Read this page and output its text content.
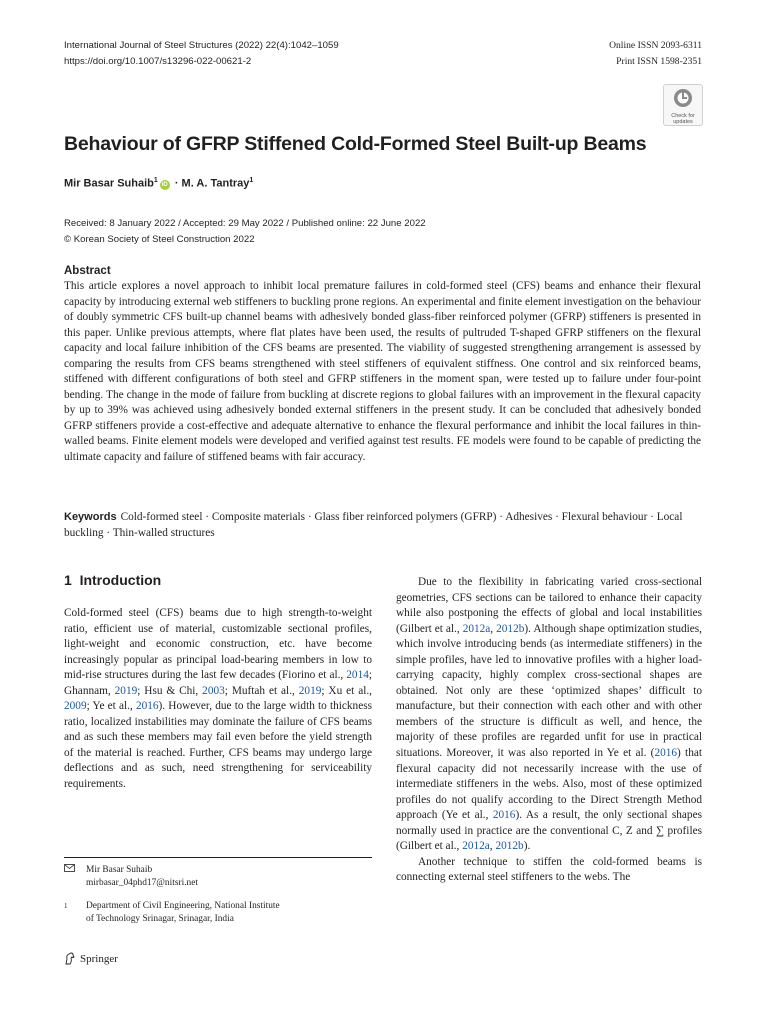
International Journal of Steel Structures (2022) 22(4):1042–1059
https://doi.org/10.1007/s13296-022-00621-2
Online ISSN 2093-6311
Print ISSN 1598-2351
Check for
updates
Behaviour of GFRP Stiffened Cold-Formed Steel Built-up Beams
Mir Basar Suhaib$^1$iD · M. A. Tantray$^1$
Received: 8 January 2022 / Accepted: 29 May 2022 / Published online: 22 June 2022
© Korean Society of Steel Construction 2022
Abstract
This article explores a novel approach to inhibit local premature failures in cold-formed steel (CFS) beams and enhance their flexural capacity by introducing external web stiffeners to buckling prone regions. An experimental and finite element investigation on the behaviour of doubly symmetric CFS built-up channel beams with adhesively bonded glass-fiber reinforced polymer (GFRP) stiffeners is presented in this paper. Unlike previous attempts, where flat plates have been used, the results of pultruded T-shaped GFRP stiffeners on the flexural capacity and local failure inhibition of the CFS beams are presented. The viability of suggested strengthening arrangement is assessed by comparing the results from CFS beams strengthened with steel stiffeners of equivalent stiffness. One control and six reinforced beams, stiffened with different configurations of both steel and GFRP stiffeners in the moment span, were tested up to failure under four-point bending. The change in the mode of failure from buckling at discrete regions to global failures with an improvement in the flexural capacity by up to 39% was achieved using adhesively bonded external stiffeners in the present study. It can be concluded that adhesively bonded GFRP stiffeners provide a cost-effective and adequate alternative to enhance the flexural performance and inhibit the local failures in thin-walled beams. Finite element models were developed and verified against test results. FE models were found to be capable of predicting the ultimate capacity and failure of stiffened beams with fair accuracy.
Keywords Cold-formed steel · Composite materials · Glass fiber reinforced polymers (GFRP) · Adhesives · Flexural behaviour · Local buckling · Thin-walled structures
1 Introduction

Cold-formed steel (CFS) beams due to high strength-to-weight ratio, efficient use of material, customizable sectional profiles, light-weight and economic construction, etc. have become increasingly popular as principal load-bearing members in low to mid-rise structures during the last few decades (Fiorino et al., 2014; Ghannam, 2019; Hsu & Chi, 2003; Muftah et al., 2019; Xu et al., 2009; Ye et al., 2016). However, due to the large width to thickness ratio, localized instabilities may dominate the failure of CFS beams and as such these members may fail even before the yield strength of the material is reached. Further, CFS beams may undergo large deflections and as such, need strengthening for serviceability requirements.

Due to the flexibility in fabricating varied cross-sectional geometries, CFS sections can be tailored to enhance their capacity while also postponing the effects of global and local instabilities (Gilbert et al., 2012a, 2012b). Although shape optimization studies, which involve introducing bends (as intermediate stiffeners) in the simple profiles, have led to innovative profiles with a higher load-carrying capacity, highly complex cross-sectional shapes are obtained. Not only are these ‘optimized shapes’ difficult to manufacture, but their connection with each other and with other members of the structure is difficult as well, and hence, the majority of these profiles are regarded unfit for use in practical situations. Moreover, it was also reported in Ye et al. (2016) that flexural capacity did not necessarily increase with the use of intermediate stiffeners in the webs. Also, most of these optimized profiles do not qualify according to the Direct Strength Method approach (Ye et al., 2016). As a result, the only sectional shapes normally used in practice are the conventional C, Z and ∑ profiles (Gilbert et al., 2012a, 2012b).

Another technique to stiffen the cold-formed beams is connecting external steel stiffeners to the webs. The

Mir Basar Suhaib
mirbasar_04phd17@nitsri.net
1	Department of Civil Engineering, National Institute
of Technology Srinagar, Srinagar, India
Springer
